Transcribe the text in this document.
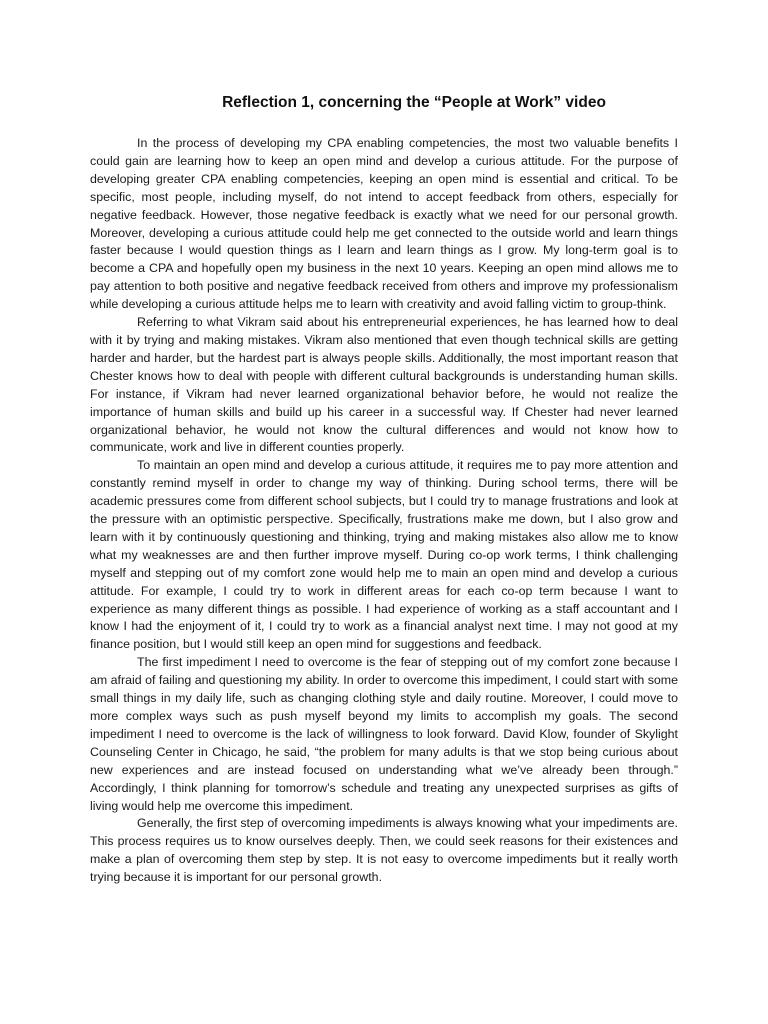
Reflection 1, concerning the “People at Work” video

In the process of developing my CPA enabling competencies, the most two valuable benefits I could gain are learning how to keep an open mind and develop a curious attitude. For the purpose of developing greater CPA enabling competencies, keeping an open mind is essential and critical. To be specific, most people, including myself, do not intend to accept feedback from others, especially for negative feedback. However, those negative feedback is exactly what we need for our personal growth. Moreover, developing a curious attitude could help me get connected to the outside world and learn things faster because I would question things as I learn and learn things as I grow. My long-term goal is to become a CPA and hopefully open my business in the next 10 years. Keeping an open mind allows me to pay attention to both positive and negative feedback received from others and improve my professionalism while developing a curious attitude helps me to learn with creativity and avoid falling victim to group-think.

Referring to what Vikram said about his entrepreneurial experiences, he has learned how to deal with it by trying and making mistakes. Vikram also mentioned that even though technical skills are getting harder and harder, but the hardest part is always people skills. Additionally, the most important reason that Chester knows how to deal with people with different cultural backgrounds is understanding human skills. For instance, if Vikram had never learned organizational behavior before, he would not realize the importance of human skills and build up his career in a successful way. If Chester had never learned organizational behavior, he would not know the cultural differences and would not know how to communicate, work and live in different counties properly.

To maintain an open mind and develop a curious attitude, it requires me to pay more attention and constantly remind myself in order to change my way of thinking. During school terms, there will be academic pressures come from different school subjects, but I could try to manage frustrations and look at the pressure with an optimistic perspective. Specifically, frustrations make me down, but I also grow and learn with it by continuously questioning and thinking, trying and making mistakes also allow me to know what my weaknesses are and then further improve myself. During co-op work terms, I think challenging myself and stepping out of my comfort zone would help me to main an open mind and develop a curious attitude. For example, I could try to work in different areas for each co-op term because I want to experience as many different things as possible. I had experience of working as a staff accountant and I know I had the enjoyment of it, I could try to work as a financial analyst next time. I may not good at my finance position, but I would still keep an open mind for suggestions and feedback.

The first impediment I need to overcome is the fear of stepping out of my comfort zone because I am afraid of failing and questioning my ability. In order to overcome this impediment, I could start with some small things in my daily life, such as changing clothing style and daily routine. Moreover, I could move to more complex ways such as push myself beyond my limits to accomplish my goals. The second impediment I need to overcome is the lack of willingness to look forward. David Klow, founder of Skylight Counseling Center in Chicago, he said, “the problem for many adults is that we stop being curious about new experiences and are instead focused on understanding what we’ve already been through.” Accordingly, I think planning for tomorrow’s schedule and treating any unexpected surprises as gifts of living would help me overcome this impediment.

Generally, the first step of overcoming impediments is always knowing what your impediments are. This process requires us to know ourselves deeply. Then, we could seek reasons for their existences and make a plan of overcoming them step by step. It is not easy to overcome impediments but it really worth trying because it is important for our personal growth.
